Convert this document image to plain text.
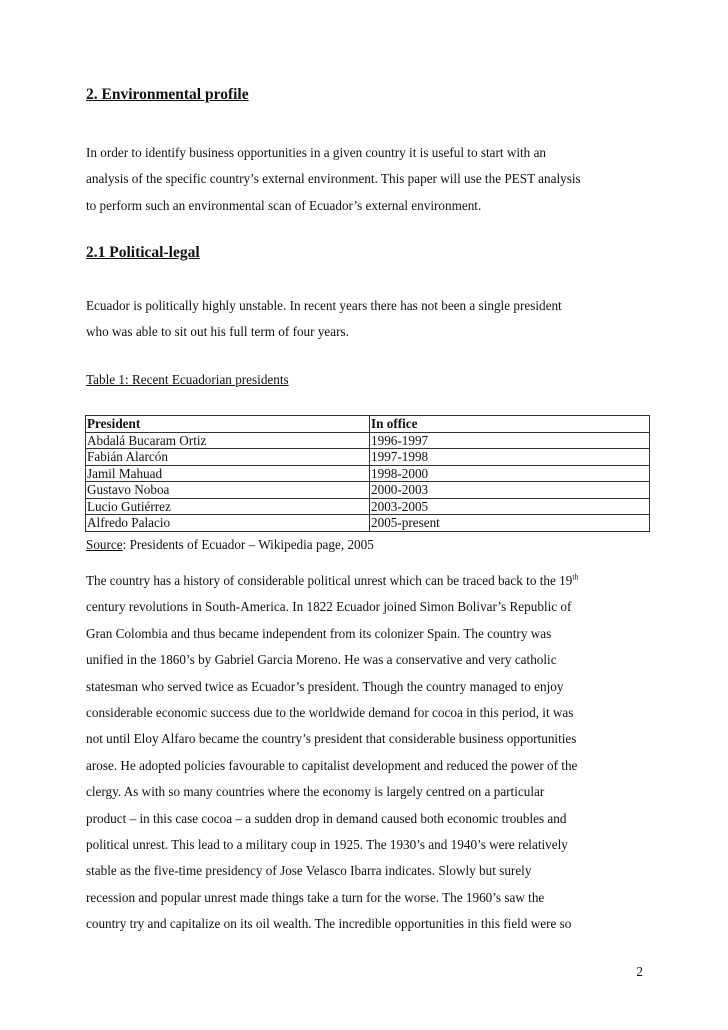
2. Environmental profile

In order to identify business opportunities in a given country it is useful to start with an
analysis of the specific country’s external environment. This paper will use the PEST analysis
to perform such an environmental scan of Ecuador’s external environment.

2.1 Political-legal

Ecuador is politically highly unstable. In recent years there has not been a single president
who was able to sit out his full term of four years.

Table 1: Recent Ecuadorian presidents

President	In office
Abdalá Bucaram Ortiz	1996-1997
Fabián Alarcón	1997-1998
Jamil Mahuad	1998-2000
Gustavo Noboa	2000-2003
Lucio Gutiérrez	2003-2005
Alfredo Palacio	2005-present

Source: Presidents of Ecuador – Wikipedia page, 2005

The country has a history of considerable political unrest which can be traced back to the 19th
century revolutions in South-America. In 1822 Ecuador joined Simon Bolivar’s Republic of
Gran Colombia and thus became independent from its colonizer Spain. The country was
unified in the 1860’s by Gabriel Garcia Moreno. He was a conservative and very catholic
statesman who served twice as Ecuador’s president. Though the country managed to enjoy
considerable economic success due to the worldwide demand for cocoa in this period, it was
not until Eloy Alfaro became the country’s president that considerable business opportunities
arose. He adopted policies favourable to capitalist development and reduced the power of the
clergy. As with so many countries where the economy is largely centred on a particular
product – in this case cocoa – a sudden drop in demand caused both economic troubles and
political unrest. This lead to a military coup in 1925. The 1930’s and 1940’s were relatively
stable as the five-time presidency of Jose Velasco Ibarra indicates. Slowly but surely
recession and popular unrest made things take a turn for the worse. The 1960’s saw the
country try and capitalize on its oil wealth. The incredible opportunities in this field were so

2
